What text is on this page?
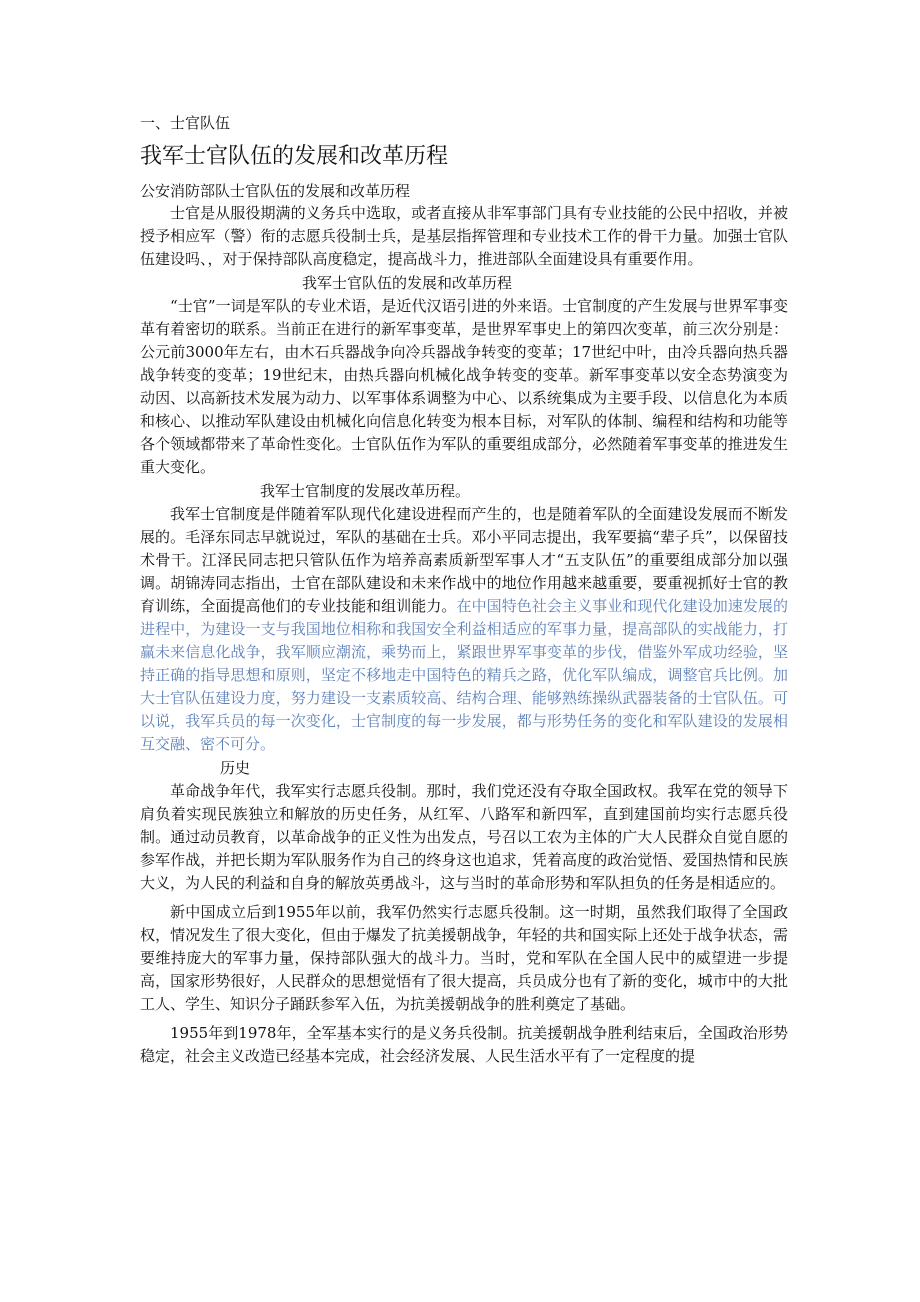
一、士官队伍
我军士官队伍的发展和改革历程
公安消防部队士官队伍的发展和改革历程

士官是从服役期满的义务兵中选取，或者直接从非军事部门具有专业技能的公民中招收，并被授予相应军（警）衔的志愿兵役制士兵，是基层指挥管理和专业技术工作的骨干力量。加强士官队伍建设吗、，对于保持部队高度稳定，提高战斗力，推进部队全面建设具有重要作用。

我军士官队伍的发展和改革历程

“士官”一词是军队的专业术语，是近代汉语引进的外来语。士官制度的产生发展与世界军事变革有着密切的联系。当前正在进行的新军事变革，是世界军事史上的第四次变革，前三次分别是：公元前3000年左右，由木石兵器战争向冷兵器战争转变的变革；17世纪中叶，由冷兵器向热兵器战争转变的变革；19世纪末，由热兵器向机械化战争转变的变革。新军事变革以安全态势演变为动因、以高新技术发展为动力、以军事体系调整为中心、以系统集成为主要手段、以信息化为本质和核心、以推动军队建设由机械化向信息化转变为根本目标，对军队的体制、编程和结构和功能等各个领域都带来了革命性变化。士官队伍作为军队的重要组成部分，必然随着军事变革的推进发生重大变化。

我军士官制度的发展改革历程。

我军士官制度是伴随着军队现代化建设进程而产生的，也是随着军队的全面建设发展而不断发展的。毛泽东同志早就说过，军队的基础在士兵。邓小平同志提出，我军要搞“辈子兵”，以保留技术骨干。江泽民同志把只管队伍作为培养高素质新型军事人才“五支队伍”的重要组成部分加以强调。胡锦涛同志指出，士官在部队建设和未来作战中的地位作用越来越重要，要重视抓好士官的教育训练，全面提高他们的专业技能和组训能力。在中国特色社会主义事业和现代化建设加速发展的进程中，为建设一支与我国地位相称和我国安全利益相适应的军事力量，提高部队的实战能力，打赢未来信息化战争，我军顺应潮流，乘势而上，紧跟世界军事变革的步伐，借鉴外军成功经验，坚持正确的指导思想和原则，坚定不移地走中国特色的精兵之路，优化军队编成，调整官兵比例。加大士官队伍建设力度，努力建设一支素质较高、结构合理、能够熟练操纵武器装备的士官队伍。可以说，我军兵员的每一次变化，士官制度的每一步发展，都与形势任务的变化和军队建设的发展相互交融、密不可分。

历史

革命战争年代，我军实行志愿兵役制。那时，我们党还没有夺取全国政权。我军在党的领导下肩负着实现民族独立和解放的历史任务，从红军、八路军和新四军，直到建国前均实行志愿兵役制。通过动员教育，以革命战争的正义性为出发点，号召以工农为主体的广大人民群众自觉自愿的参军作战，并把长期为军队服务作为自己的终身这也追求，凭着高度的政治觉悟、爱国热情和民族大义，为人民的利益和自身的解放英勇战斗，这与当时的革命形势和军队担负的任务是相适应的。

新中国成立后到1955年以前，我军仍然实行志愿兵役制。这一时期，虽然我们取得了全国政权，情况发生了很大变化，但由于爆发了抗美援朝战争，年轻的共和国实际上还处于战争状态，需要维持庞大的军事力量，保持部队强大的战斗力。当时，党和军队在全国人民中的威望进一步提高，国家形势很好，人民群众的思想觉悟有了很大提高，兵员成分也有了新的变化，城市中的大批工人、学生、知识分子踊跃参军入伍，为抗美援朝战争的胜利奠定了基础。

1955年到1978年，全军基本实行的是义务兵役制。抗美援朝战争胜利结束后，全国政治形势稳定，社会主义改造已经基本完成，社会经济发展、人民生活水平有了一定程度的提
